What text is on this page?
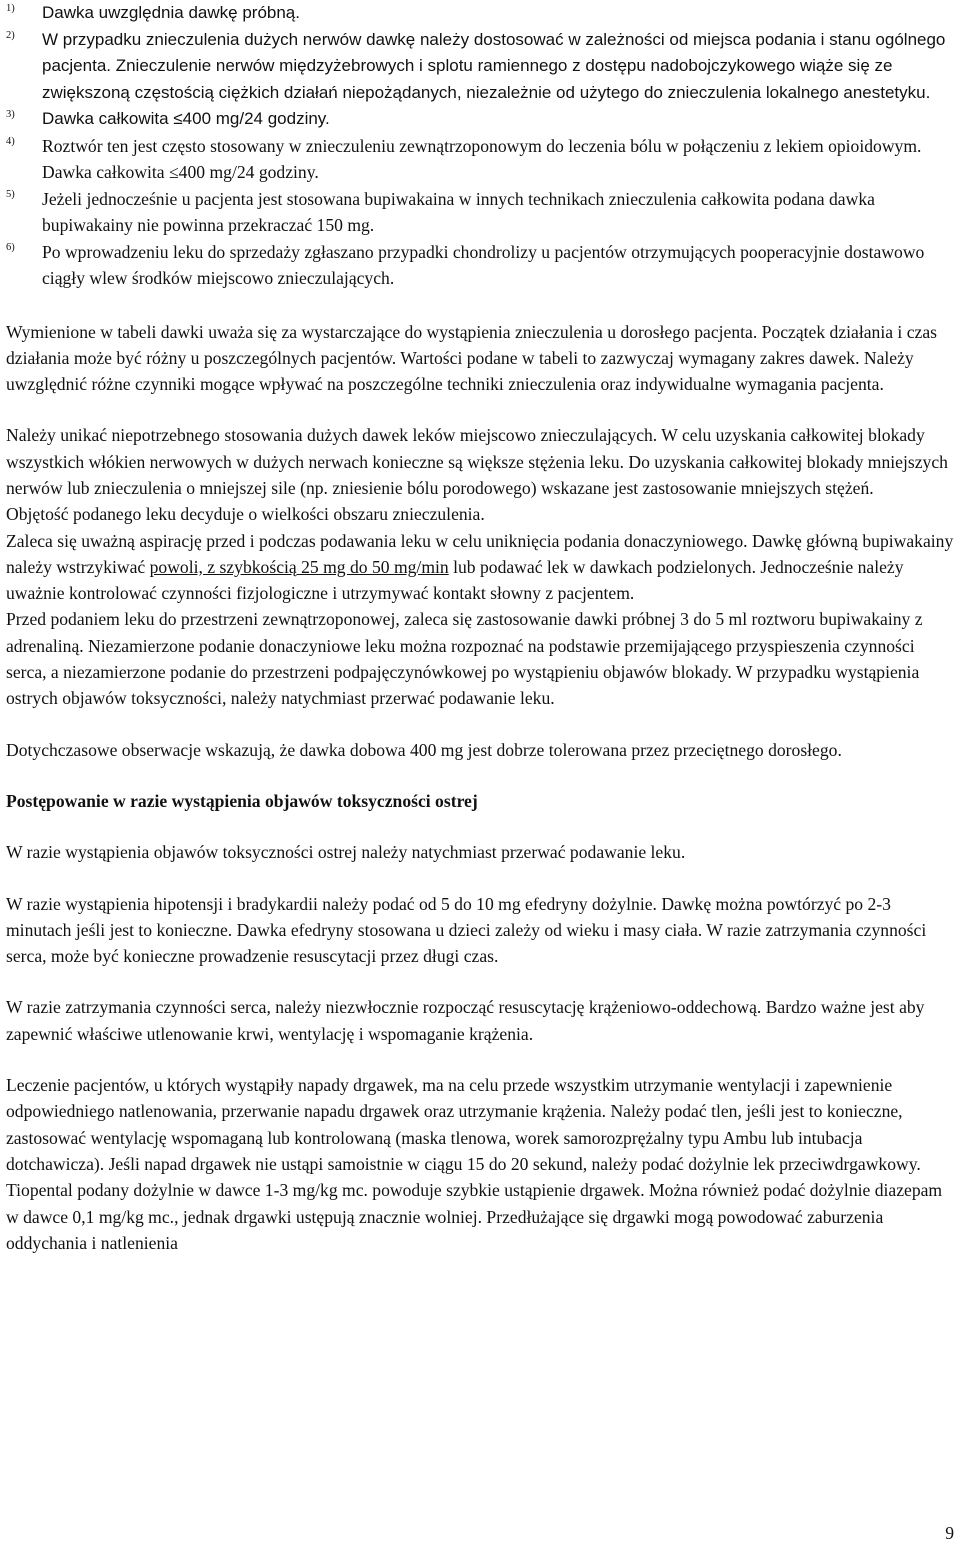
1)	Dawka uwzględnia dawkę próbną.
2)	W przypadku znieczulenia dużych nerwów dawkę należy dostosować w zależności od miejsca podania i stanu ogólnego pacjenta. Znieczulenie nerwów międzyżebrowych i splotu ramiennego z dostępu nadobojczykowego wiąże się ze zwiększoną częstością ciężkich działań niepożądanych, niezależnie od użytego do znieczulenia lokalnego anestetyku.
3)	Dawka całkowita ≤400 mg/24 godziny.
4)	Roztwór ten jest często stosowany w znieczuleniu zewnątrzoponowym do leczenia bólu w połączeniu z lekiem opioidowym. Dawka całkowita ≤400 mg/24 godziny.
5)	Jeżeli jednocześnie u pacjenta jest stosowana bupiwakaina w innych technikach znieczulenia całkowita podana dawka bupiwakainy nie powinna przekraczać 150 mg.
6)	Po wprowadzeniu leku do sprzedaży zgłaszano przypadki chondrolizy u pacjentów otrzymujących pooperacyjnie dostawowo ciągły wlew środków miejscowo znieczulających.

Wymienione w tabeli dawki uważa się za wystarczające do wystąpienia znieczulenia u dorosłego pacjenta. Początek działania i czas działania może być różny u poszczególnych pacjentów. Wartości podane w tabeli to zazwyczaj wymagany zakres dawek. Należy uwzględnić różne czynniki mogące wpływać na poszczególne techniki znieczulenia oraz indywidualne wymagania pacjenta.

Należy unikać niepotrzebnego stosowania dużych dawek leków miejscowo znieczulających. W celu uzyskania całkowitej blokady wszystkich włókien nerwowych w dużych nerwach konieczne są większe stężenia leku. Do uzyskania całkowitej blokady mniejszych nerwów lub znieczulenia o mniejszej sile (np. zniesienie bólu porodowego) wskazane jest zastosowanie mniejszych stężeń.

Objętość podanego leku decyduje o wielkości obszaru znieczulenia.

Zaleca się uważną aspirację przed i podczas podawania leku w celu uniknięcia podania donaczyniowego. Dawkę główną bupiwakainy należy wstrzykiwać powoli, z szybkością 25 mg do 50 mg/min lub podawać lek w dawkach podzielonych. Jednocześnie należy uważnie kontrolować czynności fizjologiczne i utrzymywać kontakt słowny z pacjentem.

Przed podaniem leku do przestrzeni zewnątrzoponowej, zaleca się zastosowanie dawki próbnej 3 do 5 ml roztworu bupiwakainy z adrenaliną. Niezamierzone podanie donaczyniowe leku można rozpoznać na podstawie przemijającego przyspieszenia czynności serca, a niezamierzone podanie do przestrzeni podpajęczynówkowej po wystąpieniu objawów blokady. W przypadku wystąpienia ostrych objawów toksyczności, należy natychmiast przerwać podawanie leku.

Dotychczasowe obserwacje wskazują, że dawka dobowa 400 mg jest dobrze tolerowana przez przeciętnego dorosłego.

Postępowanie w razie wystąpienia objawów toksyczności ostrej

W razie wystąpienia objawów toksyczności ostrej należy natychmiast przerwać podawanie leku.

W razie wystąpienia hipotensji i bradykardii należy podać od 5 do 10 mg efedryny dożylnie. Dawkę można powtórzyć po 2-3 minutach jeśli jest to konieczne. Dawka efedryny stosowana u dzieci zależy od wieku i masy ciała. W razie zatrzymania czynności serca, może być konieczne prowadzenie resuscytacji przez długi czas.

W razie zatrzymania czynności serca, należy niezwłocznie rozpocząć resuscytację krążeniowo-oddechową. Bardzo ważne jest aby zapewnić właściwe utlenowanie krwi, wentylację i wspomaganie krążenia.

Leczenie pacjentów, u których wystąpiły napady drgawek, ma na celu przede wszystkim utrzymanie wentylacji i zapewnienie odpowiedniego natlenowania, przerwanie napadu drgawek oraz utrzymanie krążenia. Należy podać tlen, jeśli jest to konieczne, zastosować wentylację wspomaganą lub kontrolowaną (maska tlenowa, worek samorozprężalny typu Ambu lub intubacja dotchawicza). Jeśli napad drgawek nie ustąpi samoistnie w ciągu 15 do 20 sekund, należy podać dożylnie lek przeciwdrgawkowy. Tiopental podany dożylnie w dawce 1-3 mg/kg mc. powoduje szybkie ustąpienie drgawek. Można również podać dożylnie diazepam w dawce 0,1 mg/kg mc., jednak drgawki ustępują znacznie wolniej. Przedłużające się drgawki mogą powodować zaburzenia oddychania i natlenienia

9
